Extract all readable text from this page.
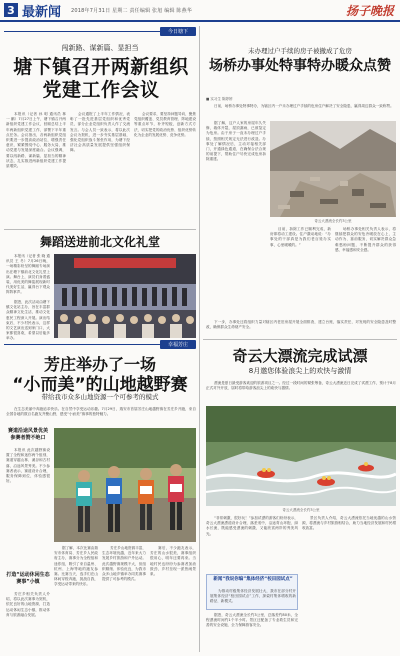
3 最新闻 2018年7月31日 星期二 责任编辑 张旭 编辑 陈燕华	扬子晚报
今日塘下
闯新路、谋新篇、显担当
塘下镇召开两新组织党建工作会议
本报讯（记者 孙 明 通讯员 林 一 鹏）7月27日上午，塘下镇召开两新组织党建工作会议，回顾总结上半年两新组织党建工作，部署下半年重点任务。会议指出，各两新组织党组织要进一步提高政治站位，增强责任意识，紧紧围绕中心、服务大局，推动党建与发展深度融合。会议强调，要以闯新路、谋新篇、显担当的精神状态，扎实推进两新组织党建工作提质增效。
会议通报了上半年工作情况，表彰了一批先进基层党组织和优秀党员，部分企业党组织负责人作了交流发言。与会人员一致表示，将以此次会议为契机，进一步夯实基层基础，强化党组织战斗堡垒作用，为塘下经济社会高质量发展提供坚强组织保障。
会议要求，要坚持问题导向，聚焦党组织覆盖、党员教育管理、阵地建设等重点环节，补齐短板，创新方式方法，切实把党的政治优势、组织优势转化为企业的发展优势、竞争优势。
舞蹈送进前北文化礼堂
本报讯（记者 张 晓 通讯员 王 冬）7月26日晚，一场精彩纷呈的舞蹈专场演出在塘下镇前北文化礼堂上演。舞台上，演员们身着盛装，用优美的舞姿展现新时代美好生活，赢得台下观众阵阵掌声。
据悉，此次活动由塘下镇文化站主办，旨在丰富群众精神文化生活，推动文化惠民工程深入开展。演出结束后，不少村民表示，这样的文艺演出送到家门口，大家都很喜欢，希望以后能多举办。
幸福芳庄
芳庄举办了一场
“小而美”的山地越野赛
带给我市众多山地资源一个可参考的模式
在生态美丽中奔跑追求快乐。在自然中享受运动乐趣。7月29日，瑞安市首届芳庄山地越野赛在芳庄乡开跑，来自全国各地的数百名跑友齐聚山野，感受“小而美”赛事的独特魅力。
赛道沿途风景优美参赛者赞不绝口
本报讯 此次越野赛设置了全程和迷你两个组别，赛道穿越山林、溪谷和古村落，沿途风景秀美。不少参赛者表示，赛道设计合理，服务保障到位，体验感很好。
打造“运动休闲生态赛事”小镇
芳庄乡相关负责人介绍，将以此次赛事为契机，依托良好的山地资源，打造运动休闲生态小镇，推动体育与旅游融合发展。
据了解，本次比赛由瑞安市体育局、芳庄乡人民政府主办，赛事分为全程组和迷你组，吸引了来自温州、杭州、上海等地的跑友参赛。比赛当天，选手们在山林间穿梭奔跑，挑战自我，享受运动带来的快乐。
芳庄乡山地资源丰富，生态环境优越，近年来大力发展乡村旅游和户外运动。此次越野赛规模不大，但组织精细、体验优良，为我市众多山地乡镇举办同类赛事提供了可参考的模式。
赛后，不少跑友表示，芳庄的山水很美，赛事组织很用心，明年还要再来。当地村民也纷纷为参赛者加油鼓劲，乡村呈现一派热闹景象。
未办理过户手续的房子被撤成了危房
场桥办事处特事特办暖众点赞
■ 实习生 陈婷婷
日前，场桥办事处特事特办，为辖区内一户未办理过户手续的危房住户解决了安全隐患，赢得周边群众一致称赞。
据了解，这户人家的房屋年久失修，墙体开裂，屋顶漏雨，已被鉴定为危房。由于房子一直未办理过户手续，按照相关规定无法进行改造。办事处了解情况后，主动对接相关部门，开通绿色通道，在确保合法合规的前提下，帮助住户尽快完成危房拆除重建。
奇云大漂流全长约3公里
目前，拆除工作已顺利完成，新房即将动工建设。住户激动地说：“办事处的干部真是为我们老百姓办实事，心里暖暖的。”
场桥办事处相关负责人表示，将继续把群众的安危冷暖放在心上，主动作为、靠前服务，切实解决群众急难愁盼问题，不断提升群众的获得感、幸福感和安全感。
下一步，办事处还将组织力量对辖区内老旧房屋开展全面排查，建立台账，落实责任，对发现的安全隐患及时整改，确保群众生命财产安全。
奇云大漂流完成试漂
8月邀您体验浪尖上的欢快与激情
漂流是夏日最受游客欢迎的旅游项目之一。经过一段时间的紧张筹备，奇云大漂流近日完成了试漂工作，预计于8月正式对外开放，届时将带给游客浪尖上的欢快与激情。
奇云大漂流全长约3公里
“非常刺激，很好玩！”参加试漂的游客们纷纷表示，奇云大漂流漂道设计合理，落差适中，沿途青山环抱、绿水长流，既能感受漂流的刺激，又能欣赏两岸的秀美风光。
新闻“我说你编”集体经济“校田园试点”
为推动村级集体经济发展壮大，我市在部分村开展集体经济“校田园试点”工作，探索村集体增收的新路径、新模式。
据悉，奇云大漂流全长约3公里，总落差约80米，全程漂流时间约1个半小时。景区还配备了专业救生员和完善的安全设施，全力保障游客安全。
景区负责人介绍，奇云大漂流依托当地优越的山水资源，将漂流与乡村旅游相结合，助力当地经济发展和村民增收致富。
